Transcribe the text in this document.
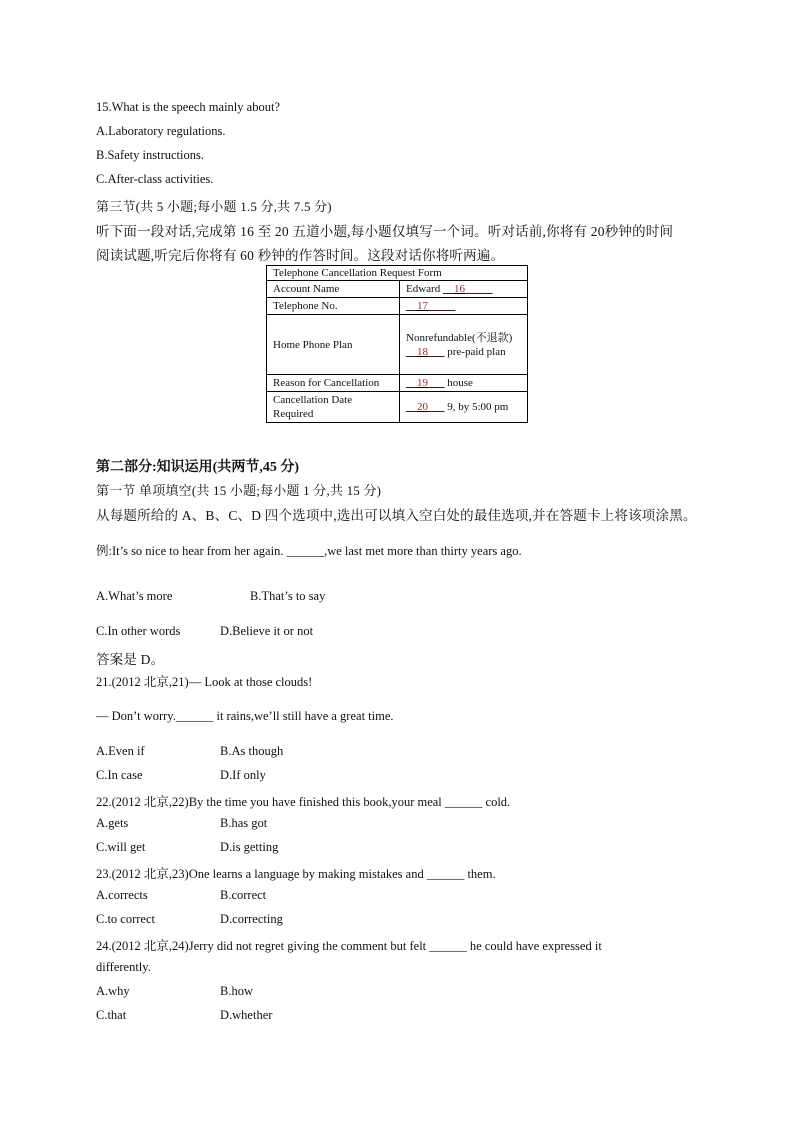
15.What is the speech mainly about?
A.Laboratory regulations.
B.Safety instructions.
C.After-class activities.
第三节(共 5 小题;每小题 1.5 分,共 7.5 分)
听下面一段对话,完成第 16 至 20 五道小题,每小题仅填写一个词。听对话前,你将有 20秒钟的时间
阅读试题,听完后你将有 60 秒钟的作答时间。这段对话你将听两遍。
Telephone Cancellation Request Form	
Account Name	Edward __16_____
Telephone No.	__17_____
Home Phone Plan	Nonrefundable(不退款)
__18___ pre-paid plan
Reason for Cancellation	__19___ house
Cancellation Date Required	__20___ 9, by 5:00 pm
第二部分:知识运用(共两节,45 分)
第一节 单项填空(共 15 小题;每小题 1 分,共 15 分)
从每题所给的 A、B、C、D 四个选项中,选出可以填入空白处的最佳选项,并在答题卡上将该项涂黑。
例:It’s so nice to hear from her again. ______,we last met more than thirty years ago.
A.What’s more	B.That’s to say
C.In other words	D.Believe it or not
答案是 D。
21.(2012 北京,21)— Look at those clouds!
— Don’t worry.______ it rains,we’ll still have a great time.
A.Even if	B.As though
C.In case	D.If only
22.(2012 北京,22)By the time you have finished this book,your meal ______ cold.
A.gets	B.has got
C.will get	D.is getting
23.(2012 北京,23)One learns a language by making mistakes and ______ them.
A.corrects	B.correct
C.to correct	D.correcting
24.(2012 北京,24)Jerry did not regret giving the comment but felt ______ he could have expressed it
differently.
A.why	B.how
C.that	D.whether
